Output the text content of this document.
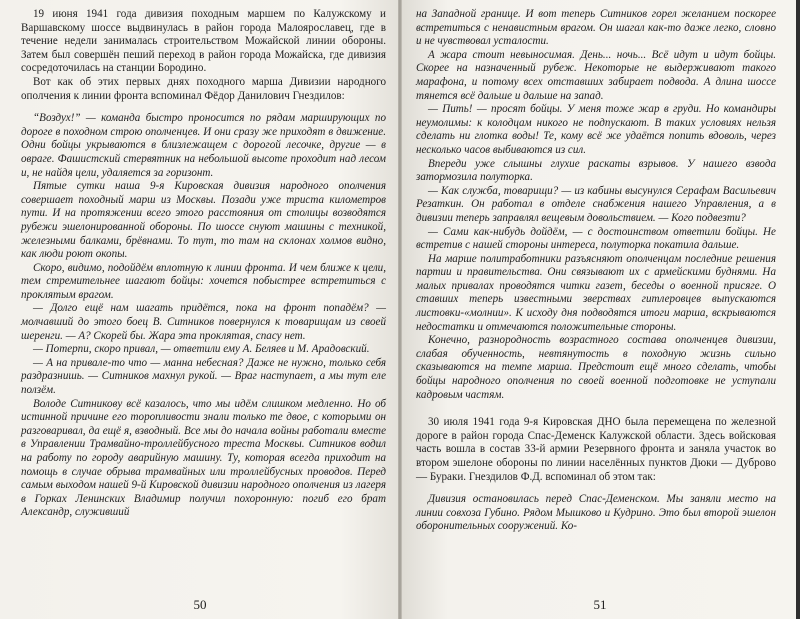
19 июня 1941 года дивизия походным маршем по Калужскому и Варшавскому шоссе выдвинулась в район города Малоярославец, где в течение недели занималась строительством Можайской линии обороны. Затем был совершён пеший переход в район города Можайска, где дивизия сосредоточилась на станции Бородино.

Вот как об этих первых днях походного марша Дивизии народного ополчения к линии фронта вспоминал Фёдор Данилович Гнездилов:

“Воздух!” — команда быстро проносится по рядам марширующих по дороге в походном строю ополченцев. И они сразу же приходят в движение. Одни бойцы укрываются в близлежащем с дорогой лесочке, другие — в овраге. Фашистский стервятник на небольшой высоте проходит над лесом и, не найдя цели, удаляется за горизонт.

Пятые сутки наша 9-я Кировская дивизия народного ополчения совершает походный марш из Москвы. Позади уже триста километров пути. И на протяжении всего этого расстояния от столицы возводятся рубежи эшелонированной обороны. По шоссе снуют машины с техникой, железными балками, брёвнами. То тут, то там на склонах холмов видно, как люди роют окопы.

Скоро, видимо, подойдём вплотную к линии фронта. И чем ближе к цели, тем стремительнее шагают бойцы: хочется побыстрее встретиться с проклятым врагом.

— Долго ещё нам шагать придётся, пока на фронт попадём? — молчавший до этого боец В. Ситников повернулся к товарищам из своей шеренги. — А? Скорей бы. Жара эта проклятая, спасу нет.

— Потерпи, скоро привал, — ответили ему А. Беляев и М. Арадовский.

— А на привале-то что — манна небесная? Даже не нужно, только себя раздразнишь. — Ситников махнул рукой. — Враг наступает, а мы тут еле ползём.

Володе Ситникову всё казалось, что мы идём слишком медленно. Но об истинной причине его торопливости знали только те двое, с которыми он разговаривал, да ещё я, взводный. Все мы до начала войны работали вместе в Управлении Трамвайно-троллейбусного треста Москвы. Ситников водил на работу по городу аварийную машину. Ту, которая всегда приходит на помощь в случае обрыва трамвайных или троллейбусных проводов. Перед самым выходом нашей 9-й Кировской дивизии народного ополчения из лагеря в Горках Ленинских Владимир получил похоронную: погиб его брат Александр, служивший

50

на Западной границе. И вот теперь Ситников горел желанием поскорее встретиться с ненавистным врагом. Он шагал как-то даже легко, словно и не чувствовал усталости.

А жара стоит невыносимая. День... ночь... Всё идут и идут бойцы. Скорее на назначенный рубеж. Некоторые не выдерживают такого марафона, и потому всех отставших забирает подвода. А длина шоссе тянется всё дальше и дальше на запад.

— Пить! — просят бойцы. У меня тоже жар в груди. Но командиры неумолимы: к колодцам никого не подпускают. В таких условиях нельзя сделать ни глотка воды! Те, кому всё же удаётся попить вдоволь, через несколько часов выбиваются из сил.

Впереди уже слышны глухие раскаты взрывов. У нашего взвода затормозила полуторка.

— Как служба, товарищи? — из кабины высунулся Серафам Васильевич Резаткин. Он работал в отделе снабжения нашего Управления, а в дивизии теперь заправлял вещевым довольствием. — Кого подвезти?

— Сами как-нибудь дойдём, — с достоинством ответили бойцы. Не встретив с нашей стороны интереса, полуторка покатила дальше.

На марше политработники разъясняют ополченцам последние решения партии и правительства. Они связывают их с армейскими буднями. На малых привалах проводятся читки газет, беседы о военной присяге. О ставших теперь известными зверствах гитлеровцев выпускаются листовки-«молнии». К исходу дня подводятся итоги марша, вскрываются недостатки и отмечаются положительные стороны.

Конечно, разнородность возрастного состава ополченцев дивизии, слабая обученность, невтянутость в походную жизнь сильно сказываются на темпе марша. Предстоит ещё много сделать, чтобы бойцы народного ополчения по своей военной подготовке не уступали кадровым частям.

30 июля 1941 года 9-я Кировская ДНО была перемещена по железной дороге в район города Спас-Деменск Калужской области. Здесь войсковая часть вошла в состав 33-й армии Резервного фронта и заняла участок во втором эшелоне обороны по линии населённых пунктов Дюки — Дуброво — Бураки. Гнездилов Ф.Д. вспоминал об этом так:

Дивизия остановилась перед Спас-Деменском. Мы заняли место на линии совхоза Губино. Рядом Мышково и Кудрино. Это был второй эшелон оборонительных сооружений. Ко-

51
